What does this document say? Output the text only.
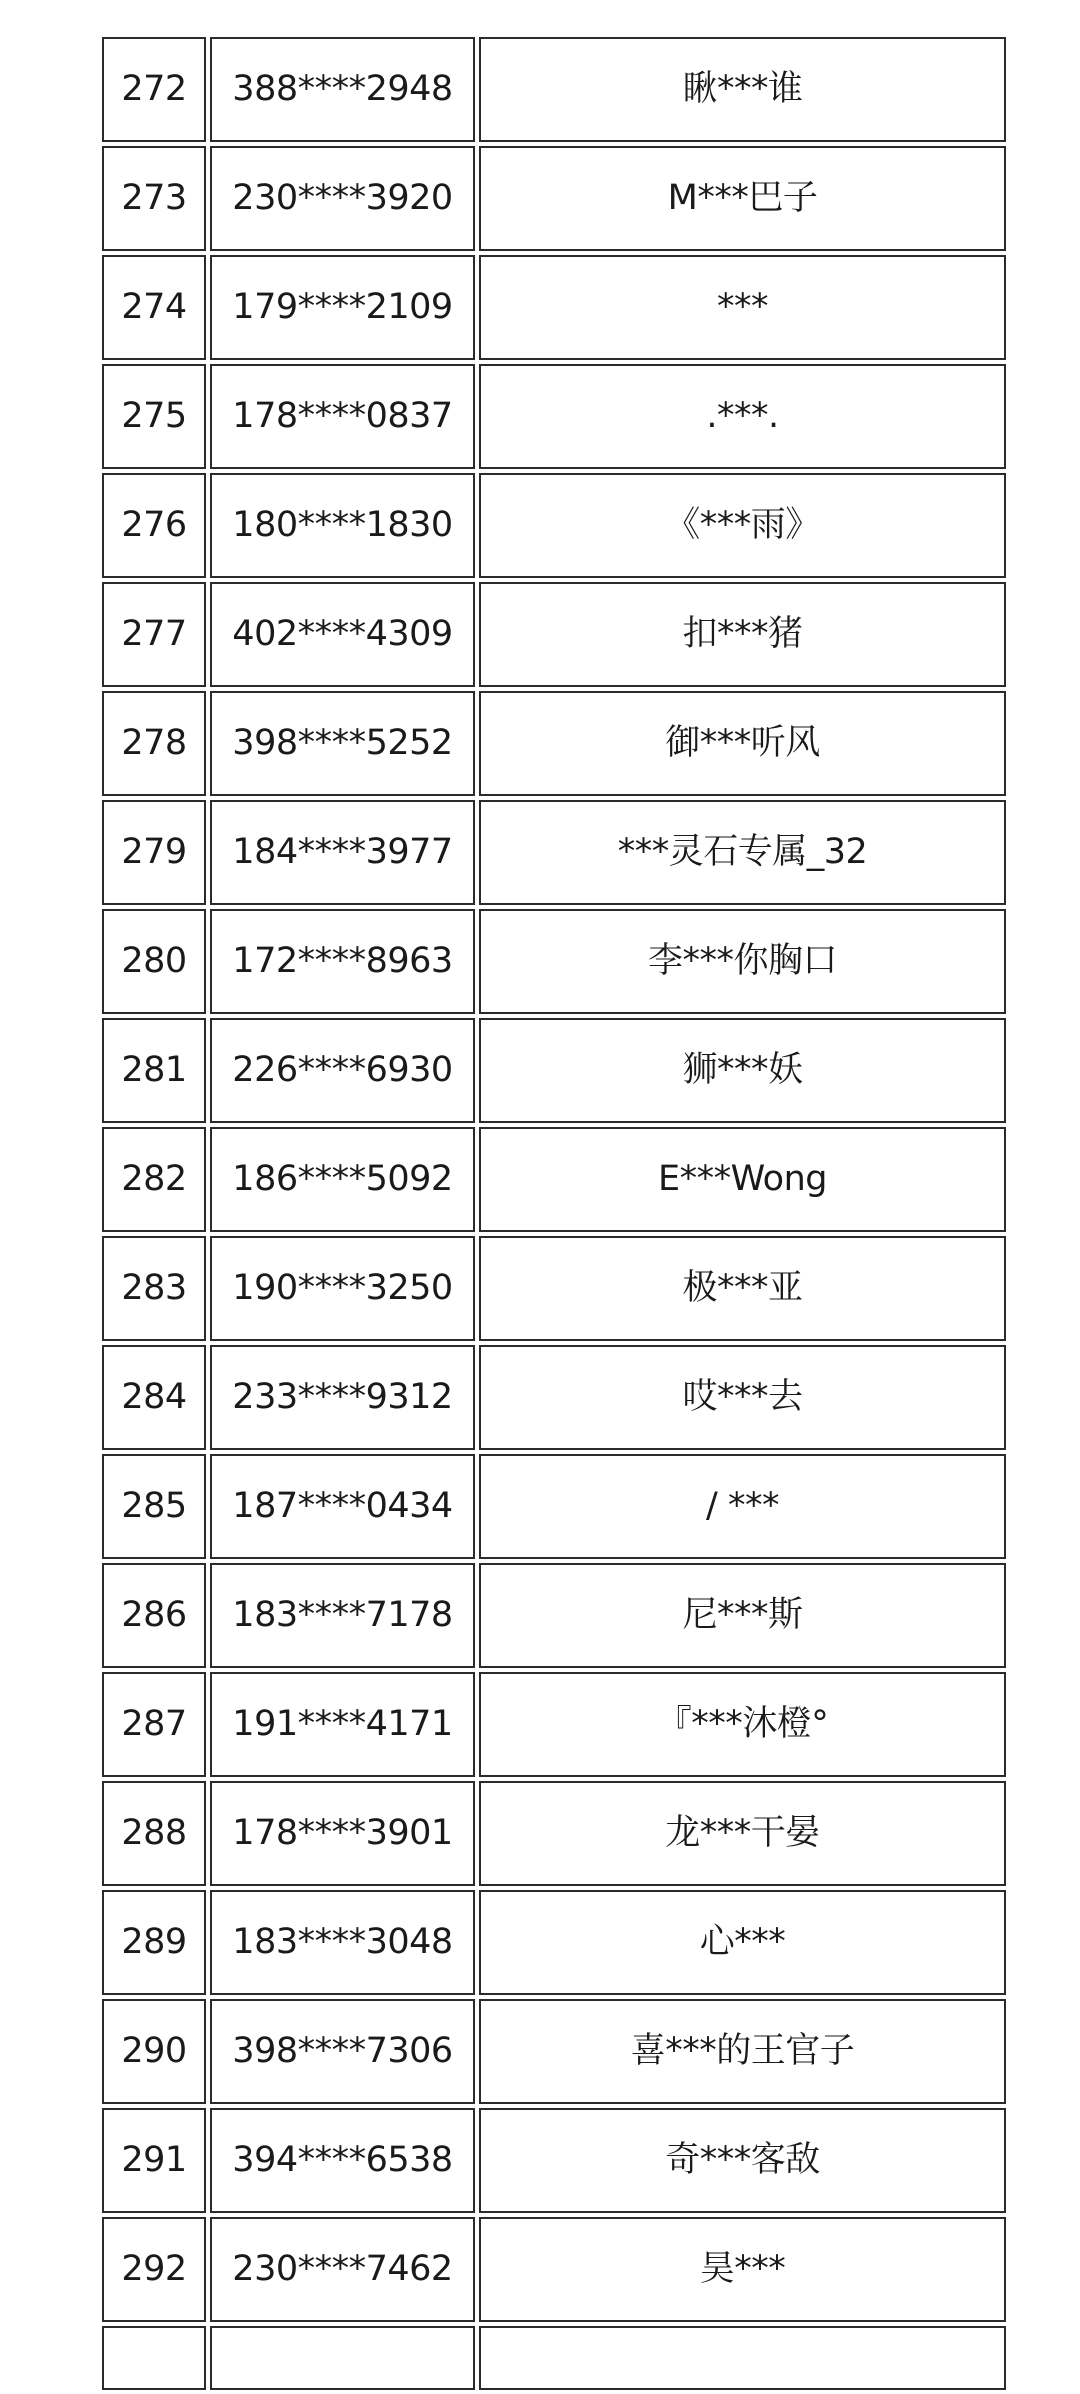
272	388****2948	瞅***谁
273	230****3920	M***巴子
274	179****2109	***
275	178****0837	.***.
276	180****1830	《***雨》
277	402****4309	扣***猪
278	398****5252	御***听风
279	184****3977	***灵石专属_32
280	172****8963	李***你胸口
281	226****6930	狮***妖
282	186****5092	E***Wong
283	190****3250	极***亚
284	233****9312	哎***去
285	187****0434	/ ***
286	183****7178	尼***斯
287	191****4171	『***沐橙°
288	178****3901	龙***干晏
289	183****3048	心***
290	398****7306	喜***的王官子
291	394****6538	奇***客敌
292	230****7462	昊***
